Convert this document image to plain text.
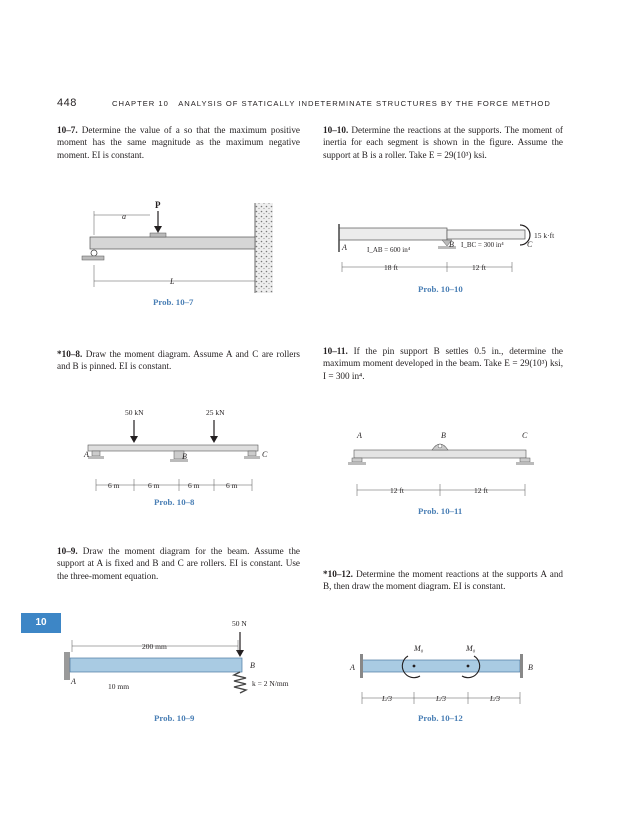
448	CHAPTER 10 ANALYSIS OF STATICALLY INDETERMINATE STRUCTURES BY THE FORCE METHOD
10
10–7. Determine the value of a so that the maximum positive moment has the same magnitude as the maximum negative moment. EI is constant.
10–10. Determine the reactions at the supports. The moment of inertia for each segment is shown in the figure. Assume the support at B is a roller. Take E = 29(10³) ksi.
*10–8. Draw the moment diagram. Assume A and C are rollers and B is pinned. EI is constant.
10–11. If the pin support B settles 0.5 in., determine the maximum moment developed in the beam. Take E = 29(10³) ksi, I = 300 in⁴.
10–9. Draw the moment diagram for the beam. Assume the support at A is fixed and B and C are rollers. EI is constant. Use the three-moment equation.	*10–12. Determine the moment reactions at the supports A and B, then draw the moment diagram. EI is constant.
Prob. 10–7
Prob. 10–10
Prob. 10–8
Prob. 10–11
Prob. 10–9	Prob. 10–12
P
a
L
A	B	C
I_AB = 600 in⁴
I_BC = 300 in⁴
15 k·ft
18 ft	12 ft
50 kN	25 kN
A	B	C
6 m	6 m	6 m	6 m
A	B	C
12 ft	12 ft
50 N
A
B
200 mm
10 mm	k = 2 N/mm
M₀	M₀
A	B
L/3	L/3	L/3
